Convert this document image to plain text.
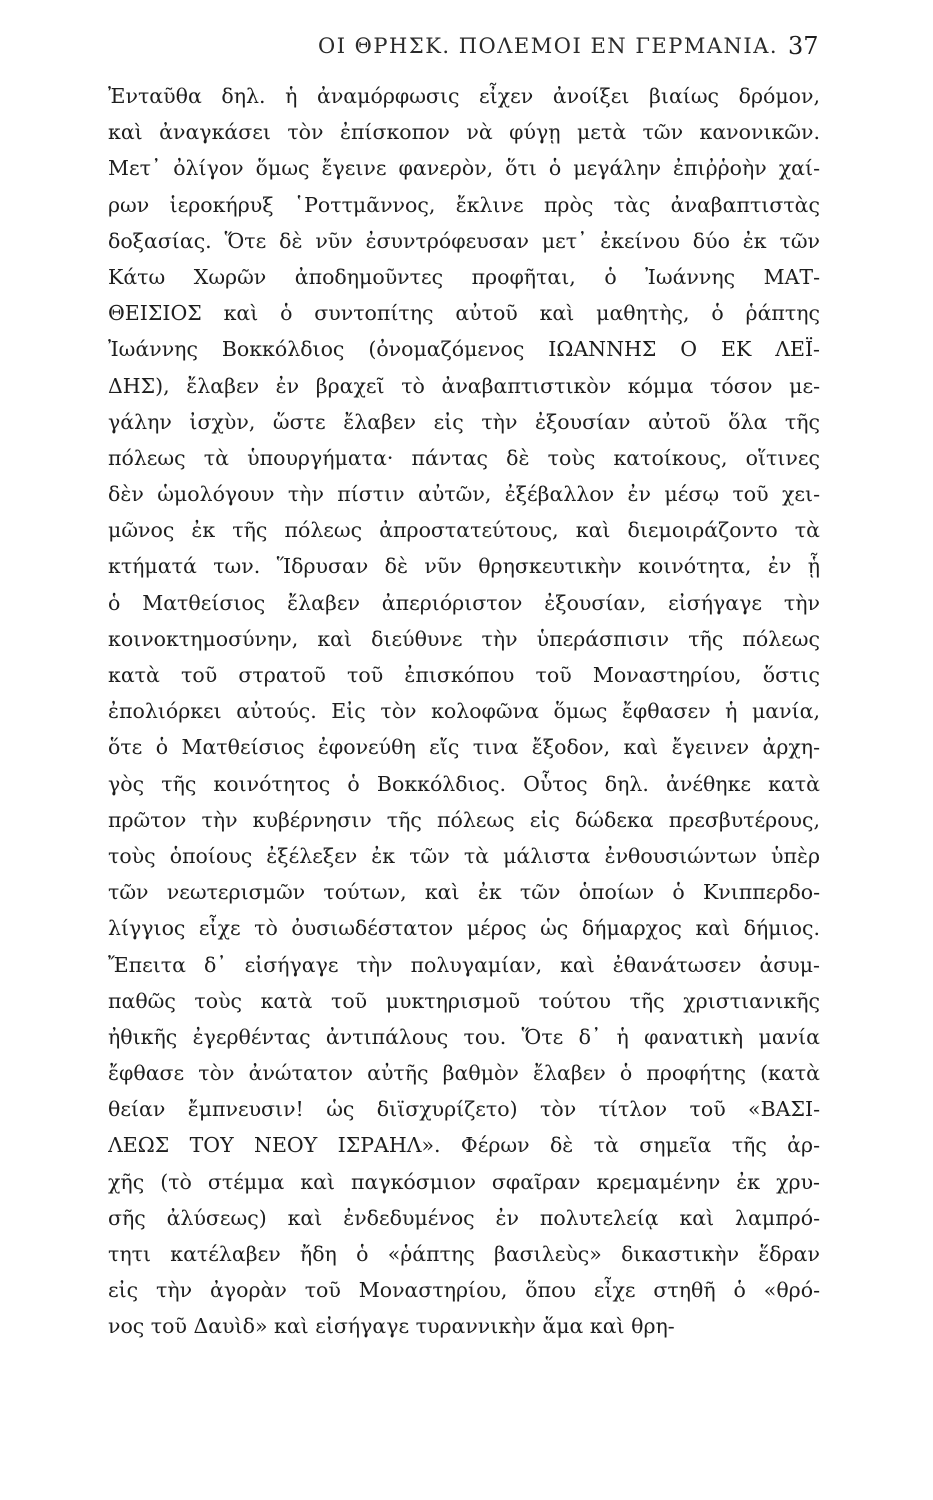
ΟΙ ΘΡΗΣΚ. ΠΟΛΕΜΟΙ ΕΝ ΓΕΡΜΑΝΙΑ. 37
Ἐνταῦθα δηλ. ἡ ἀναμόρφωσις εἶχεν ἀνοίξει βιαίως δρόμον,
καὶ ἀναγκάσει τὸν ἐπίσκοπον νὰ φύγῃ μετὰ τῶν κανονικῶν.
Μετ᾽ ὀλίγον ὅμως ἔγεινε φανερὸν, ὅτι ὁ μεγάλην ἐπιῤῥοὴν χαί-
ρων ἱεροκήρυξ ῾Ροττμᾶννος, ἔκλινε πρὸς τὰς ἀναβαπτιστὰς
δοξασίας. Ὅτε δὲ νῦν ἐσυντρόφευσαν μετ᾽ ἐκείνου δύο ἐκ τῶν
Κάτω Χωρῶν ἀποδημοῦντες προφῆται, ὁ Ἰωάννης ΜΑΤ-
ΘΕΙΣΙΟΣ καὶ ὁ συντοπίτης αὐτοῦ καὶ μαθητὴς, ὁ ῥάπτης
Ἰωάννης Βοκκόλδιος (ὀνομαζόμενος ΙΩΑΝΝΗΣ Ο ΕΚ ΛΕΪ-
ΔΗΣ), ἔλαβεν ἐν βραχεῖ τὸ ἀναβαπτιστικὸν κόμμα τόσον με-
γάλην ἰσχὺν, ὥστε ἔλαβεν εἰς τὴν ἐξουσίαν αὐτοῦ ὅλα τῆς
πόλεως τὰ ὑπουργήματα· πάντας δὲ τοὺς κατοίκους, οἵτινες
δὲν ὡμολόγουν τὴν πίστιν αὐτῶν, ἐξέβαλλον ἐν μέσῳ τοῦ χει-
μῶνος ἐκ τῆς πόλεως ἀπροστατεύτους, καὶ διεμοιράζοντο τὰ
κτήματά των. Ἵδρυσαν δὲ νῦν θρησκευτικὴν κοινότητα, ἐν ᾗ
ὁ Ματθείσιος ἔλαβεν ἀπεριόριστον ἐξουσίαν, εἰσήγαγε τὴν
κοινοκτημοσύνην, καὶ διεύθυνε τὴν ὑπεράσπισιν τῆς πόλεως
κατὰ τοῦ στρατοῦ τοῦ ἐπισκόπου τοῦ Μοναστηρίου, ὅστις
ἐπολιόρκει αὐτούς. Εἰς τὸν κολοφῶνα ὅμως ἔφθασεν ἡ μανία,
ὅτε ὁ Ματθείσιος ἐφονεύθη εἴς τινα ἔξοδον, καὶ ἔγεινεν ἀρχη-
γὸς τῆς κοινότητος ὁ Βοκκόλδιος. Οὗτος δηλ. ἀνέθηκε κατὰ
πρῶτον τὴν κυβέρνησιν τῆς πόλεως εἰς δώδεκα πρεσβυτέρους,
τοὺς ὁποίους ἐξέλεξεν ἐκ τῶν τὰ μάλιστα ἐνθουσιώντων ὑπὲρ
τῶν νεωτερισμῶν τούτων, καὶ ἐκ τῶν ὁποίων ὁ Κνιππερδο-
λίγγιος εἶχε τὸ ὀυσιωδέστατον μέρος ὡς δήμαρχος καὶ δήμιος.
Ἔπειτα δ᾽ εἰσήγαγε τὴν πολυγαμίαν, καὶ ἐθανάτωσεν ἀσυμ-
παθῶς τοὺς κατὰ τοῦ μυκτηρισμοῦ τούτου τῆς χριστιανικῆς
ἠθικῆς ἐγερθέντας ἀντιπάλους του. Ὅτε δ᾽ ἡ φανατικὴ μανία
ἔφθασε τὸν ἀνώτατον αὐτῆς βαθμὸν ἔλαβεν ὁ προφήτης (κατὰ
θείαν ἔμπνευσιν! ὡς διϊσχυρίζετο) τὸν τίτλον τοῦ «ΒΑΣΙ-
ΛΕΩΣ ΤΟΥ ΝΕΟΥ ΙΣΡΑΗΛ». Φέρων δὲ τὰ σημεῖα τῆς ἀρ-
χῆς (τὸ στέμμα καὶ παγκόσμιον σφαῖραν κρεμαμένην ἐκ χρυ-
σῆς ἀλύσεως) καὶ ἐνδεδυμένος ἐν πολυτελείᾳ καὶ λαμπρό-
τητι κατέλαβεν ἤδη ὁ «ῥάπτης βασιλεὺς» δικαστικὴν ἕδραν
εἰς τὴν ἀγορὰν τοῦ Μοναστηρίου, ὅπου εἶχε στηθῆ ὁ «θρό-
νος τοῦ Δαυὶδ» καὶ εἰσήγαγε τυραννικὴν ἅμα καὶ θρη-
